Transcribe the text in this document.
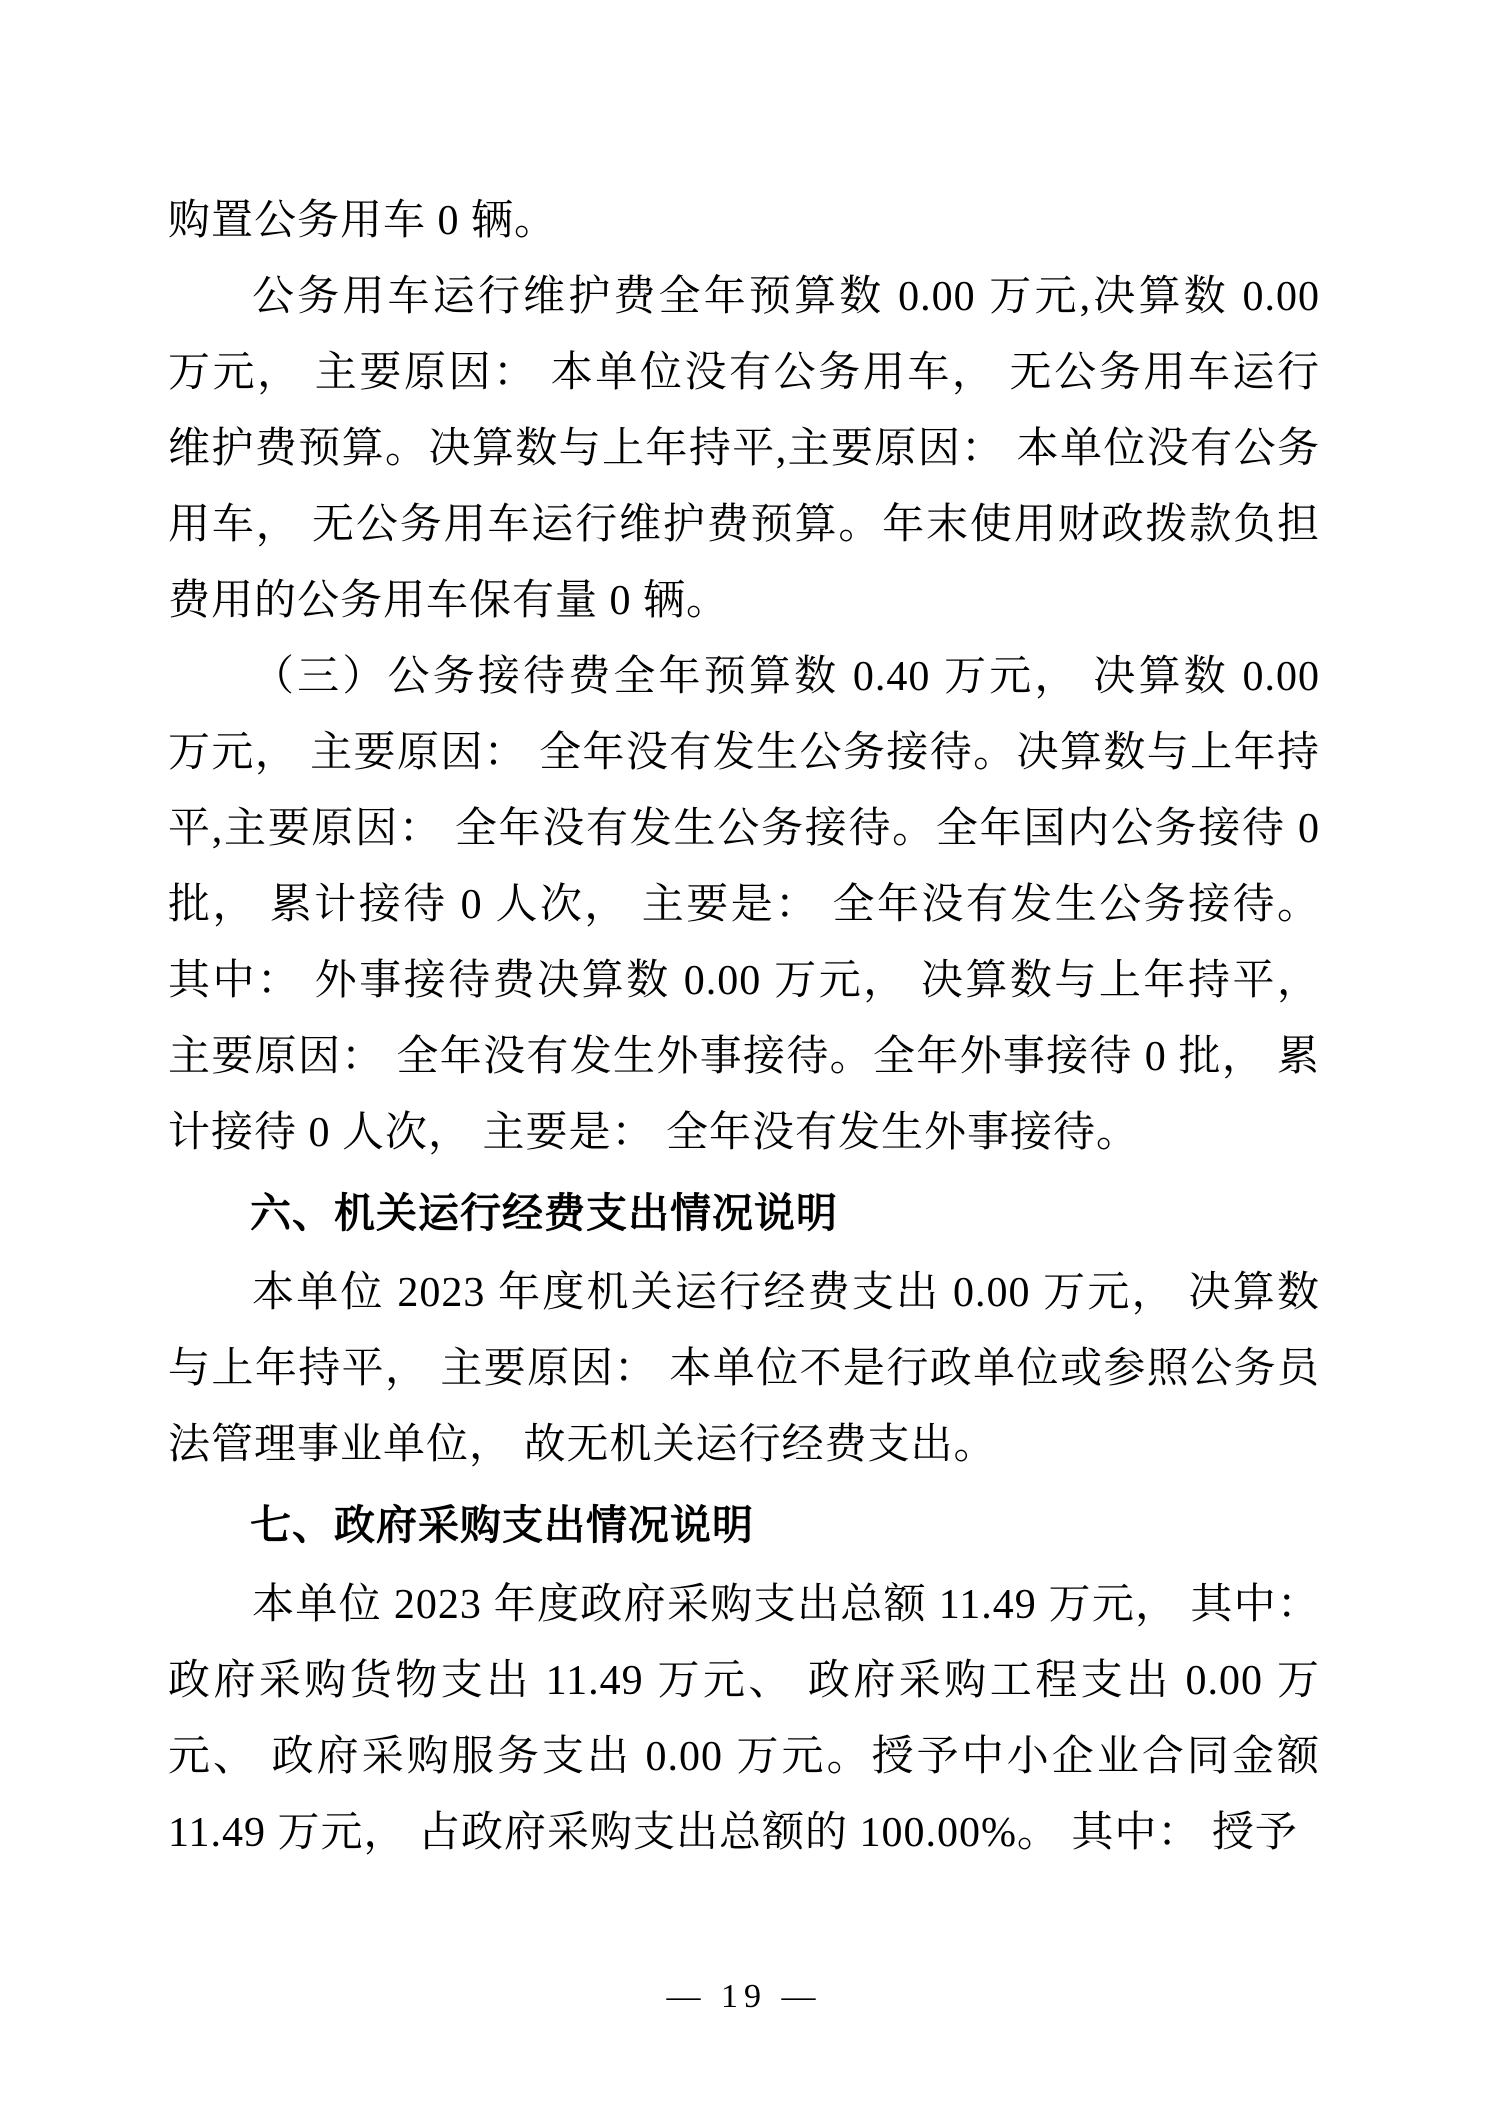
购置公务用车 0 辆。

公务用车运行维护费全年预算数 0.00 万元,决算数 0.00 万元， 主要原因： 本单位没有公务用车， 无公务用车运行维护费预算。决算数与上年持平,主要原因： 本单位没有公务用车， 无公务用车运行维护费预算。年末使用财政拨款负担费用的公务用车保有量 0 辆。

（三）公务接待费全年预算数 0.40 万元， 决算数 0.00 万元， 主要原因： 全年没有发生公务接待。决算数与上年持平,主要原因： 全年没有发生公务接待。全年国内公务接待 0 批， 累计接待 0 人次， 主要是： 全年没有发生公务接待。其中： 外事接待费决算数 0.00 万元， 决算数与上年持平， 主要原因： 全年没有发生外事接待。全年外事接待 0 批， 累计接待 0 人次， 主要是： 全年没有发生外事接待。

六、机关运行经费支出情况说明

本单位 2023 年度机关运行经费支出 0.00 万元， 决算数与上年持平， 主要原因： 本单位不是行政单位或参照公务员法管理事业单位， 故无机关运行经费支出。

七、政府采购支出情况说明

本单位 2023 年度政府采购支出总额 11.49 万元， 其中：政府采购货物支出 11.49 万元、 政府采购工程支出 0.00 万元、 政府采购服务支出 0.00 万元。授予中小企业合同金额 11.49 万元， 占政府采购支出总额的 100.00%。 其中： 授予

— 19 —
